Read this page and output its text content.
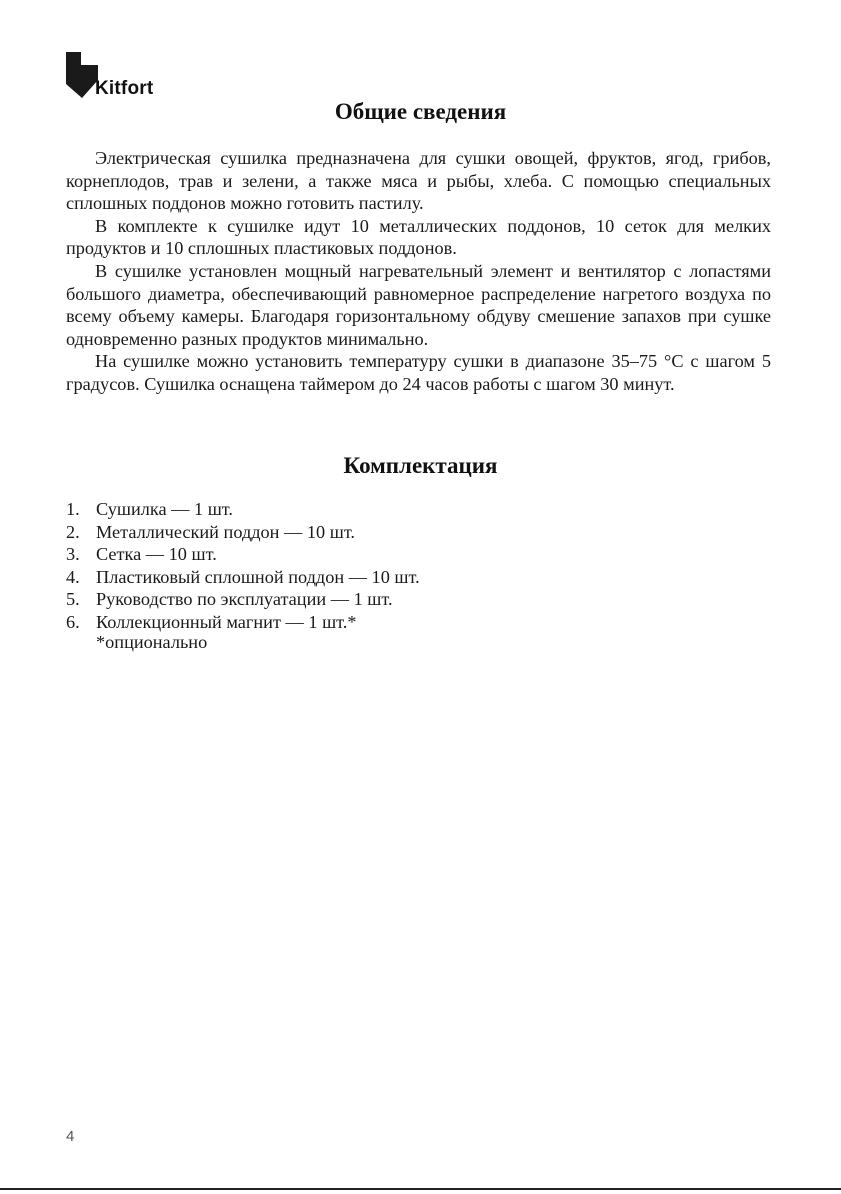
Kitfort
Общие сведения

Электрическая сушилка предназначена для сушки овощей, фруктов, ягод, грибов, корнеплодов, трав и зелени, а также мяса и рыбы, хлеба. С помощью специальных сплошных поддонов можно готовить пастилу.

В комплекте к сушилке идут 10 металлических поддонов, 10 сеток для мелких продуктов и 10 сплошных пластиковых поддонов.

В сушилке установлен мощный нагревательный элемент и вентилятор с лопастями большого диаметра, обеспечивающий равномерное распределение нагретого воздуха по всему объему камеры. Благодаря горизонтальному обдуву смешение запахов при сушке одновременно разных продуктов минимально.

На сушилке можно установить температуру сушки в диапазоне 35–75 °С с шагом 5 градусов. Сушилка оснащена таймером до 24 часов работы с шагом 30 минут.

Комплектация
1. Сушилка — 1 шт.
2. Металлический поддон — 10 шт.
3. Сетка — 10 шт.
4. Пластиковый сплошной поддон — 10 шт.
5. Руководство по эксплуатации — 1 шт.
6. Коллекционный магнит — 1 шт.*
*опционально
4
